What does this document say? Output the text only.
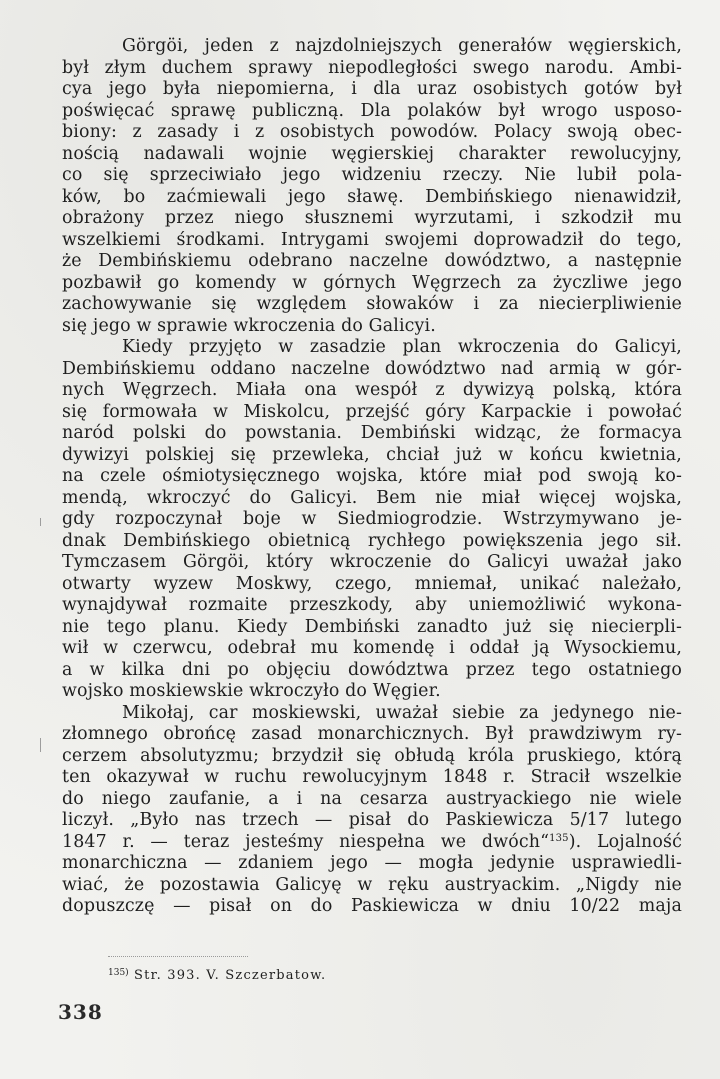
Görgöi, jeden z najzdolniejszych generałów węgierskich,
był złym duchem sprawy niepodległości swego narodu. Ambi-
cya jego była niepomierna, i dla uraz osobistych gotów był
poświęcać sprawę publiczną. Dla polaków był wrogo usposo-
biony: z zasady i z osobistych powodów. Polacy swoją obec-
nością nadawali wojnie węgierskiej charakter rewolucyjny,
co się sprzeciwiało jego widzeniu rzeczy. Nie lubił pola-
ków, bo zaćmiewali jego sławę. Dembińskiego nienawidził,
obrażony przez niego słusznemi wyrzutami, i szkodził mu
wszelkiemi środkami. Intrygami swojemi doprowadził do tego,
że Dembińskiemu odebrano naczelne dowództwo, a następnie
pozbawił go komendy w górnych Węgrzech za życzliwe jego
zachowywanie się względem słowaków i za niecierpliwienie
się jego w sprawie wkroczenia do Galicyi.
Kiedy przyjęto w zasadzie plan wkroczenia do Galicyi,
Dembińskiemu oddano naczelne dowództwo nad armią w gór-
nych Węgrzech. Miała ona wespół z dywizyą polską, która
się formowała w Miskolcu, przejść góry Karpackie i powołać
naród polski do powstania. Dembiński widząc, że formacya
dywizyi polskiej się przewleka, chciał już w końcu kwietnia,
na czele ośmiotysięcznego wojska, które miał pod swoją ko-
mendą, wkroczyć do Galicyi. Bem nie miał więcej wojska,
gdy rozpoczynał boje w Siedmiogrodzie. Wstrzymywano je-
dnak Dembińskiego obietnicą rychłego powiększenia jego sił.
Tymczasem Görgöi, który wkroczenie do Galicyi uważał jako
otwarty wyzew Moskwy, czego, mniemał, unikać należało,
wynajdywał rozmaite przeszkody, aby uniemożliwić wykona-
nie tego planu. Kiedy Dembiński zanadto już się niecierpli-
wił w czerwcu, odebrał mu komendę i oddał ją Wysockiemu,
a w kilka dni po objęciu dowództwa przez tego ostatniego
wojsko moskiewskie wkroczyło do Węgier.
Mikołaj, car moskiewski, uważał siebie za jedynego nie-
złomnego obrońcę zasad monarchicznych. Był prawdziwym ry-
cerzem absolutyzmu; brzydził się obłudą króla pruskiego, którą
ten okazywał w ruchu rewolucyjnym 1848 r. Stracił wszelkie
do niego zaufanie, a i na cesarza austryackiego nie wiele
liczył. „Było nas trzech — pisał do Paskiewicza 5/17 lutego
1847 r. — teraz jesteśmy niespełna we dwóch“$^{135}$). Lojalność
monarchiczna — zdaniem jego — mogła jedynie usprawiedli-
wiać, że pozostawia Galicyę w ręku austryackim. „Nigdy nie
dopuszczę — pisał on do Paskiewicza w dniu 10/22 maja
$^{135)}$ Str. 393. V. Szczerbatow.
338
